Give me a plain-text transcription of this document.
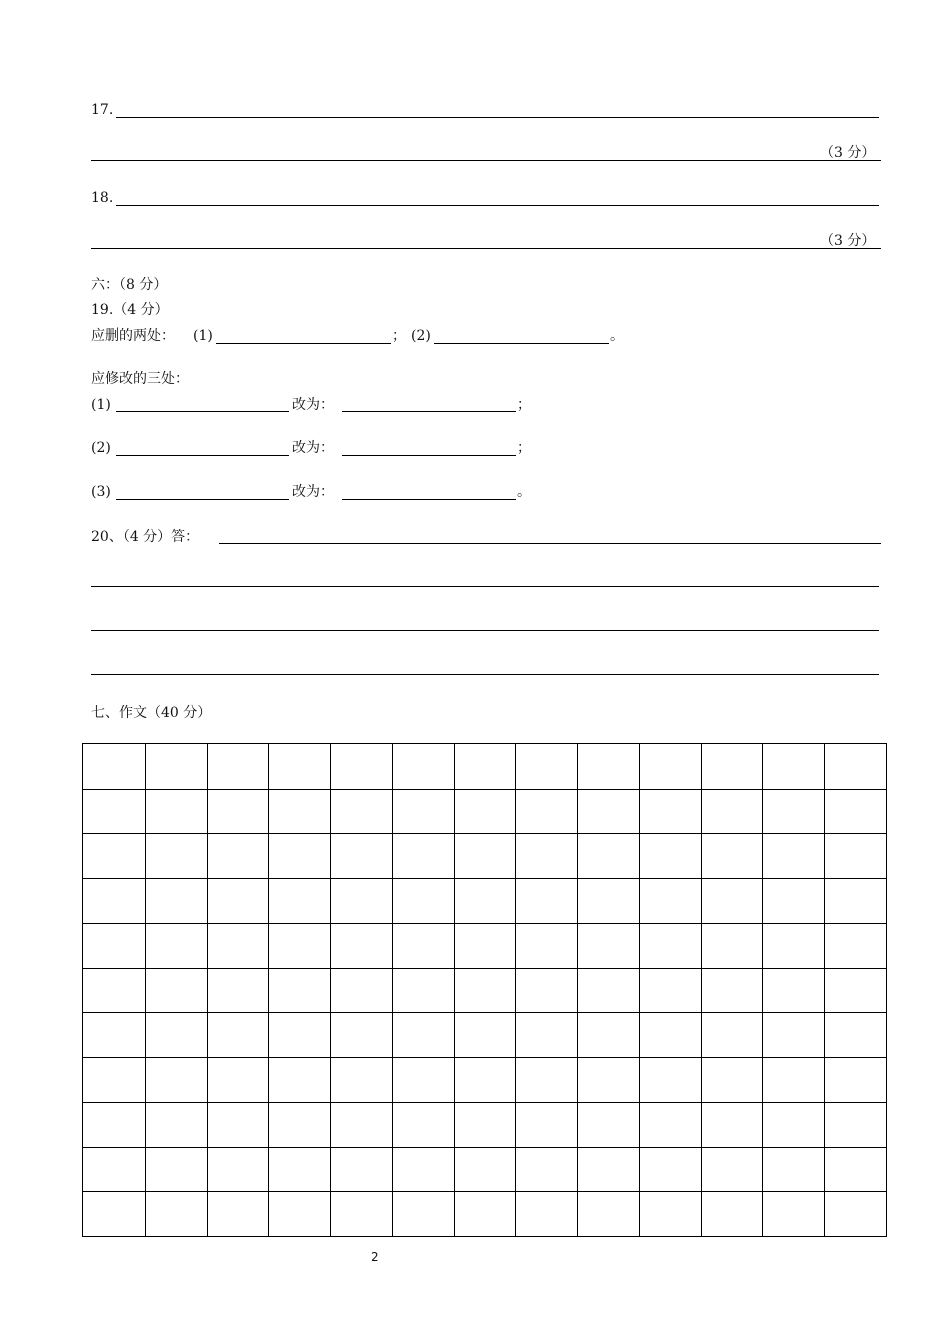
17.
（3 分）
18.
（3 分）
六：（8 分）
19.（4 分）
应删的两处： (1)	； (2)	。
应修改的三处：
(1)	改为：	；
(2)	改为：	；
(3)	改为：	。
20、（4 分）答：
七、作文（40 分）
2
